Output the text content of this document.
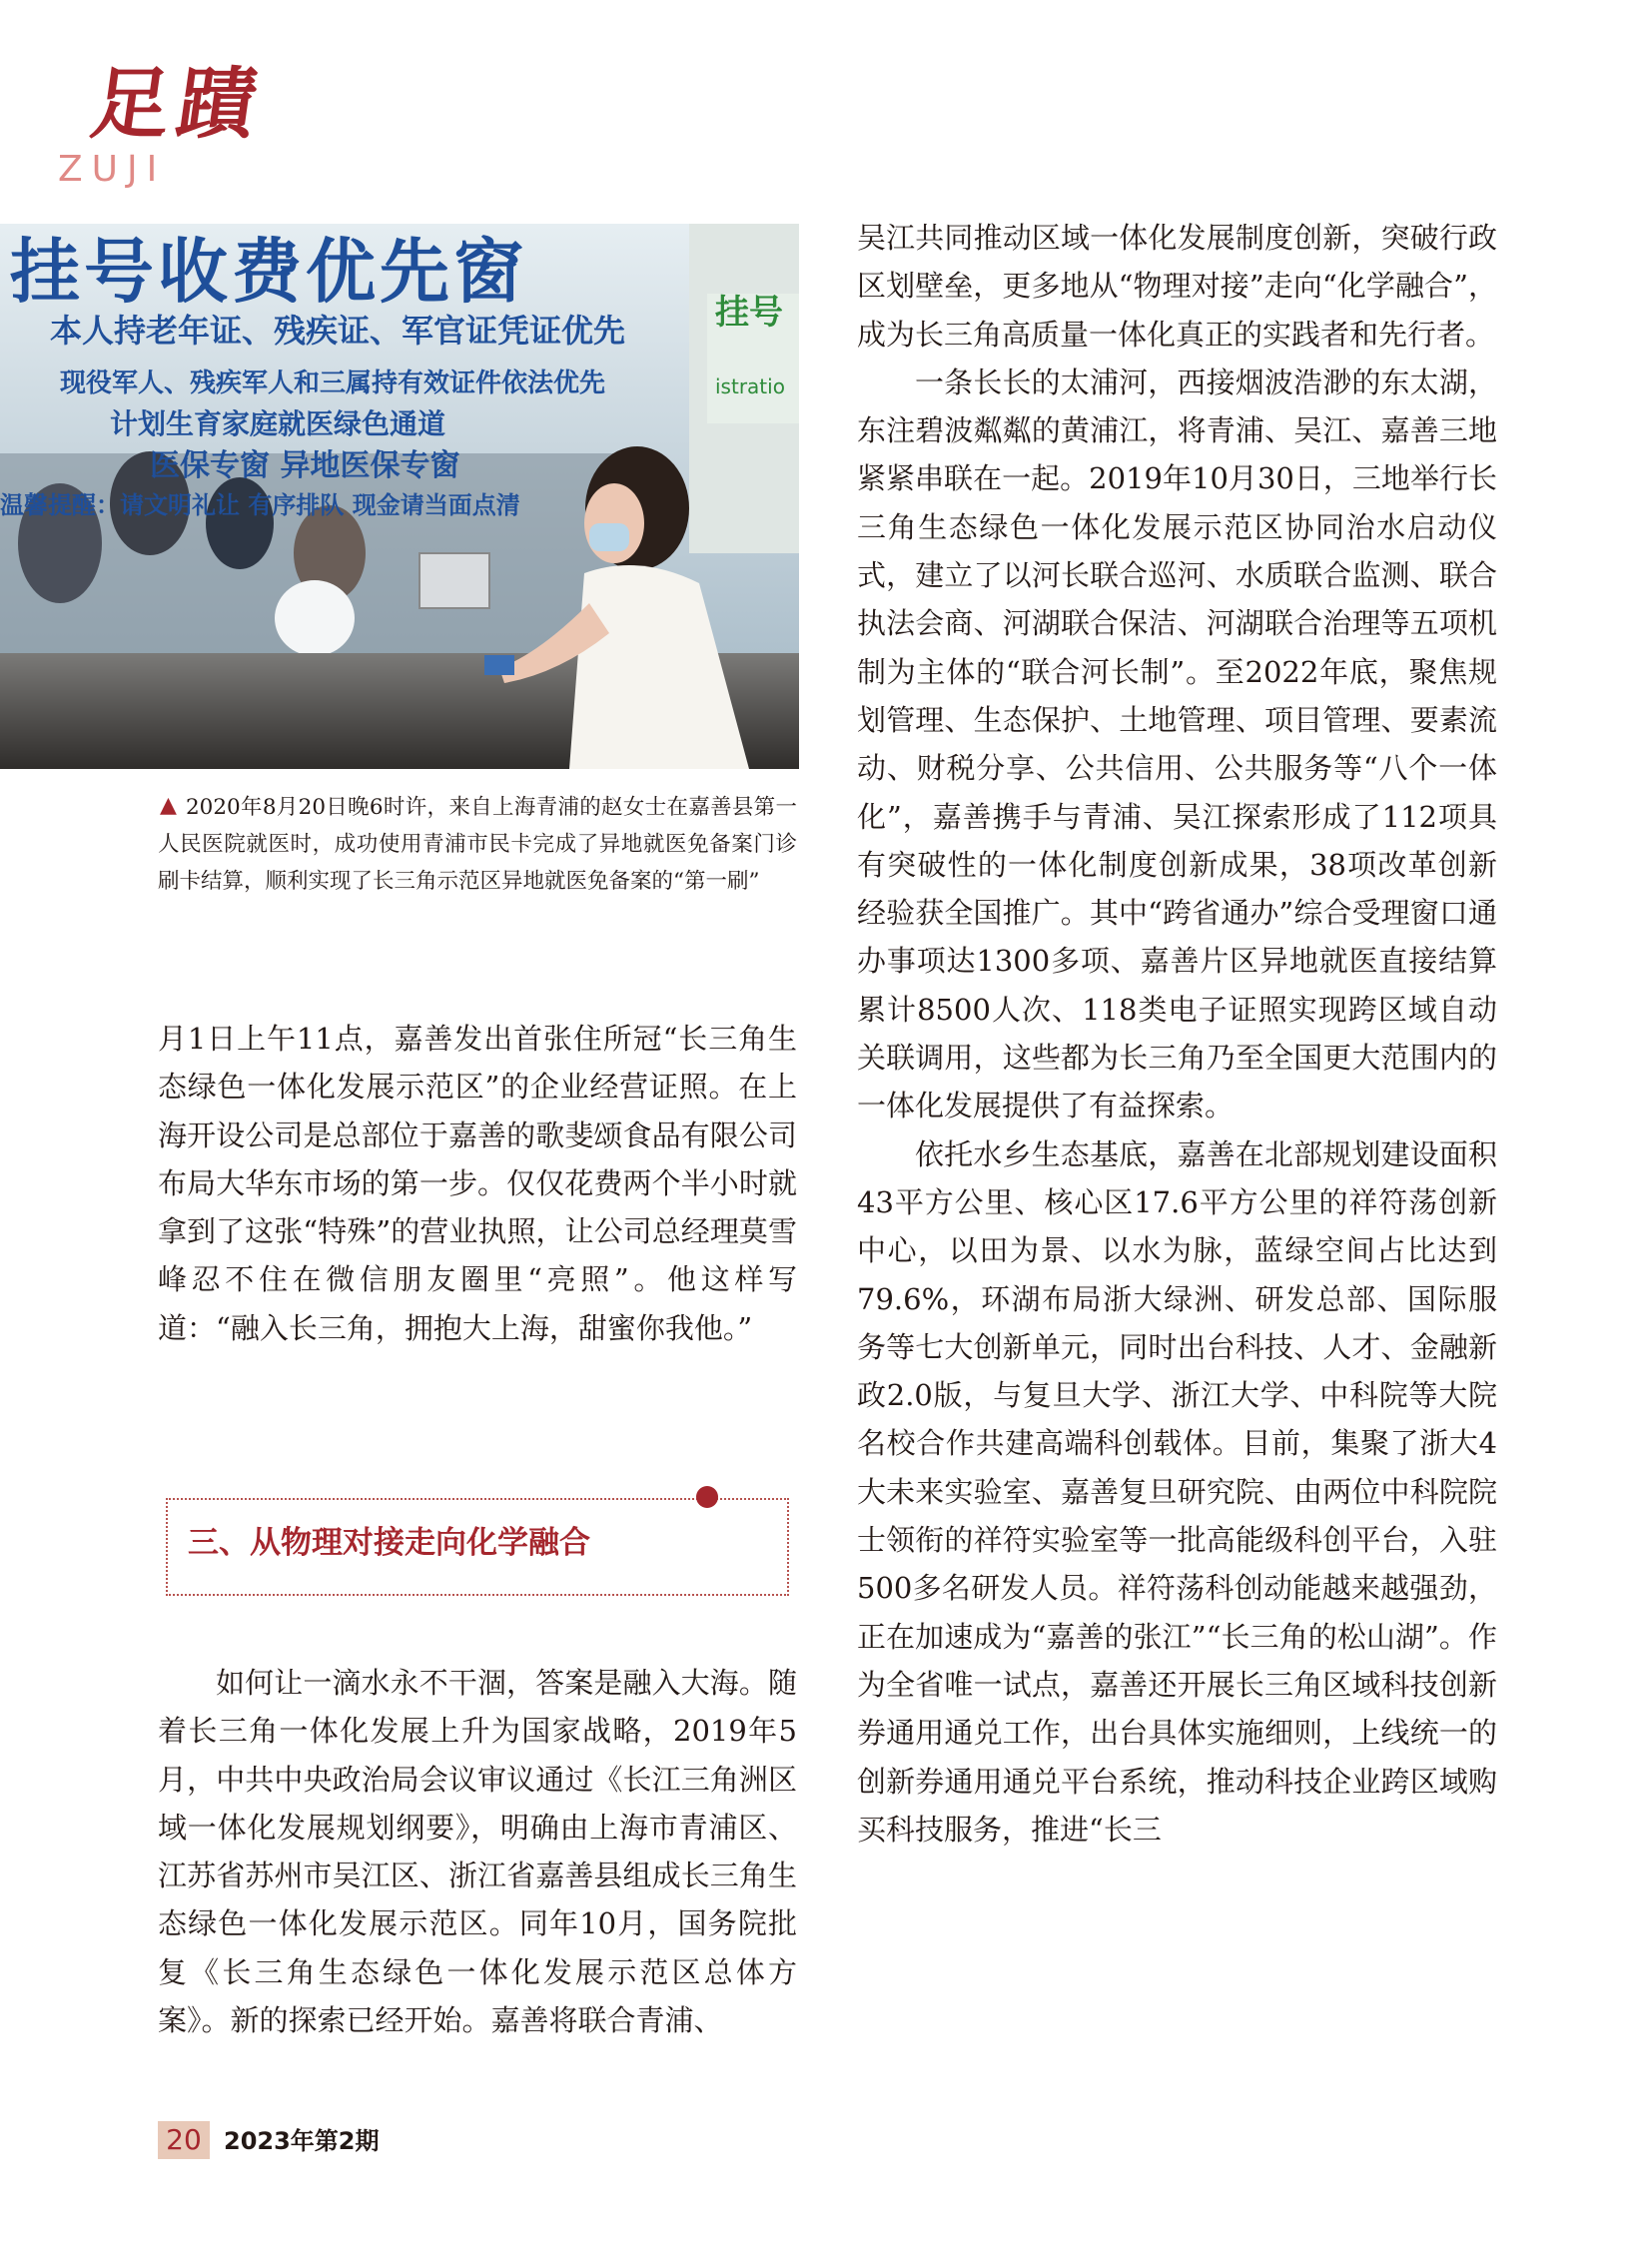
足蹟
ZUJI
挂号收费优先窗
本人持老年证、残疾证、军官证凭证优先
现役军人、残疾军人和三属持有效证件依法优先
计划生育家庭就医绿色通道
医保专窗 异地医保专窗
温馨提醒：请文明礼让 有序排队 现金请当面点清
挂号
istratio
▲ 2020年8月20日晚6时许，来自上海青浦的赵女士在嘉善县第一人民医院就医时，成功使用青浦市民卡完成了异地就医免备案门诊刷卡结算，顺利实现了长三角示范区异地就医免备案的“第一刷”

月1日上午11点，嘉善发出首张住所冠“长三角生态绿色一体化发展示范区”的企业经营证照。在上海开设公司是总部位于嘉善的歌斐颂食品有限公司布局大华东市场的第一步。仅仅花费两个半小时就拿到了这张“特殊”的营业执照，让公司总经理莫雪峰忍不住在微信朋友圈里“亮照”。他这样写道：“融入长三角，拥抱大上海，甜蜜你我他。”

三、从物理对接走向化学融合

如何让一滴水永不干涸，答案是融入大海。随着长三角一体化发展上升为国家战略，2019年5月，中共中央政治局会议审议通过《长江三角洲区域一体化发展规划纲要》，明确由上海市青浦区、江苏省苏州市吴江区、浙江省嘉善县组成长三角生态绿色一体化发展示范区。同年10月，国务院批复《长三角生态绿色一体化发展示范区总体方案》。新的探索已经开始。嘉善将联合青浦、

吴江共同推动区域一体化发展制度创新，突破行政区划壁垒，更多地从“物理对接”走向“化学融合”，成为长三角高质量一体化真正的实践者和先行者。

一条长长的太浦河，西接烟波浩渺的东太湖，东注碧波粼粼的黄浦江，将青浦、吴江、嘉善三地紧紧串联在一起。2019年10月30日，三地举行长三角生态绿色一体化发展示范区协同治水启动仪式，建立了以河长联合巡河、水质联合监测、联合执法会商、河湖联合保洁、河湖联合治理等五项机制为主体的“联合河长制”。至2022年底，聚焦规划管理、生态保护、土地管理、项目管理、要素流动、财税分享、公共信用、公共服务等“八个一体化”，嘉善携手与青浦、吴江探索形成了112项具有突破性的一体化制度创新成果，38项改革创新经验获全国推广。其中“跨省通办”综合受理窗口通办事项达1300多项、嘉善片区异地就医直接结算累计8500人次、118类电子证照实现跨区域自动关联调用，这些都为长三角乃至全国更大范围内的一体化发展提供了有益探索。

依托水乡生态基底，嘉善在北部规划建设面积43平方公里、核心区17.6平方公里的祥符荡创新中心，以田为景、以水为脉，蓝绿空间占比达到79.6%，环湖布局浙大绿洲、研发总部、国际服务等七大创新单元，同时出台科技、人才、金融新政2.0版，与复旦大学、浙江大学、中科院等大院名校合作共建高端科创载体。目前，集聚了浙大4大未来实验室、嘉善复旦研究院、由两位中科院院士领衔的祥符实验室等一批高能级科创平台，入驻500多名研发人员。祥符荡科创动能越来越强劲，正在加速成为“嘉善的张江”“长三角的松山湖”。作为全省唯一试点，嘉善还开展长三角区域科技创新券通用通兑工作，出台具体实施细则，上线统一的创新券通用通兑平台系统，推动科技企业跨区域购买科技服务，推进“长三

20 2023年第2期
